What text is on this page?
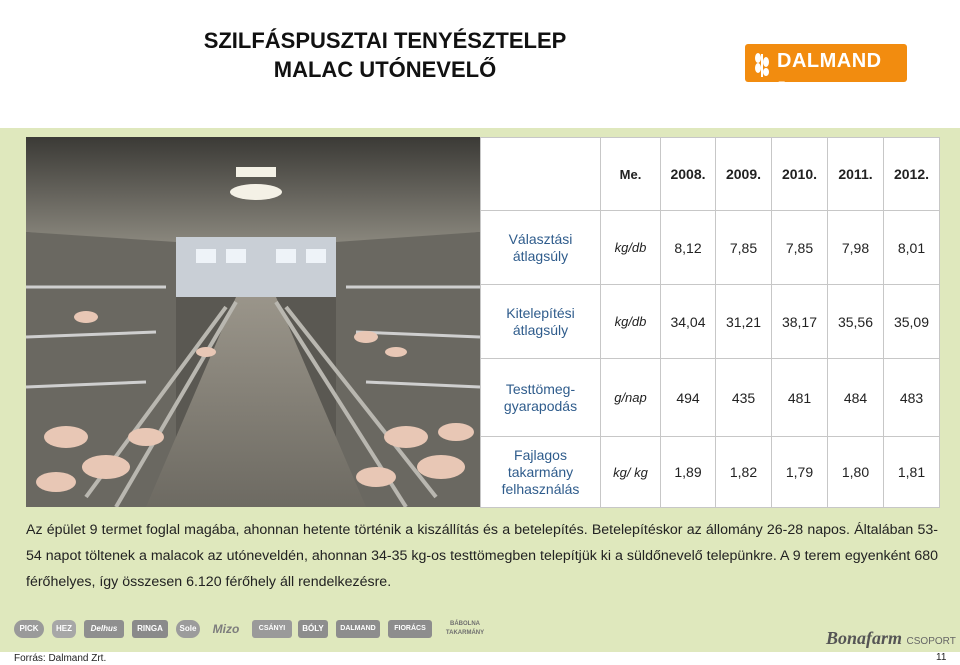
SZILFÁSPUSZTAI TENYÉSZTELEP
MALAC UTÓNEVELŐ	DALMAND Zrt.
	Me.	2008.	2009.	2010.	2011.	2012.

Választási
átlagsúly	kg/db	8,12	7,85	7,85	7,98	8,01

Kitelepítési
átlagsúly	kg/db	34,04	31,21	38,17	35,56	35,09

Testtömeg-
gyarapodás	g/nap	494	435	481	484	483

Fajlagos
takarmány
felhasználás	kg/ kg	1,89	1,82	1,79	1,80	1,81
Az épület 9 termet foglal magába, ahonnan hetente történik a kiszállítás és a betelepítés. Betelepítéskor az állomány 26-28 napos. Általában 53-54 napot töltenek a malacok az utóneveldén, ahonnan 34-35 kg-os testtömegben telepítjük ki a süldőnevelő telepünkre. A 9 terem egyenként 680 férőhelyes, így összesen 6.120 férőhely áll rendelkezésre.
PICK	HEZ	Delhus	RINGA	Sole	Mizo	CSÁNYI	BÓLY	DALMAND	FIORÁCS
BÁBOLNA TAKARMÁNY	Bonafarm CSOPORT
Forrás: Dalmand Zrt.	11
